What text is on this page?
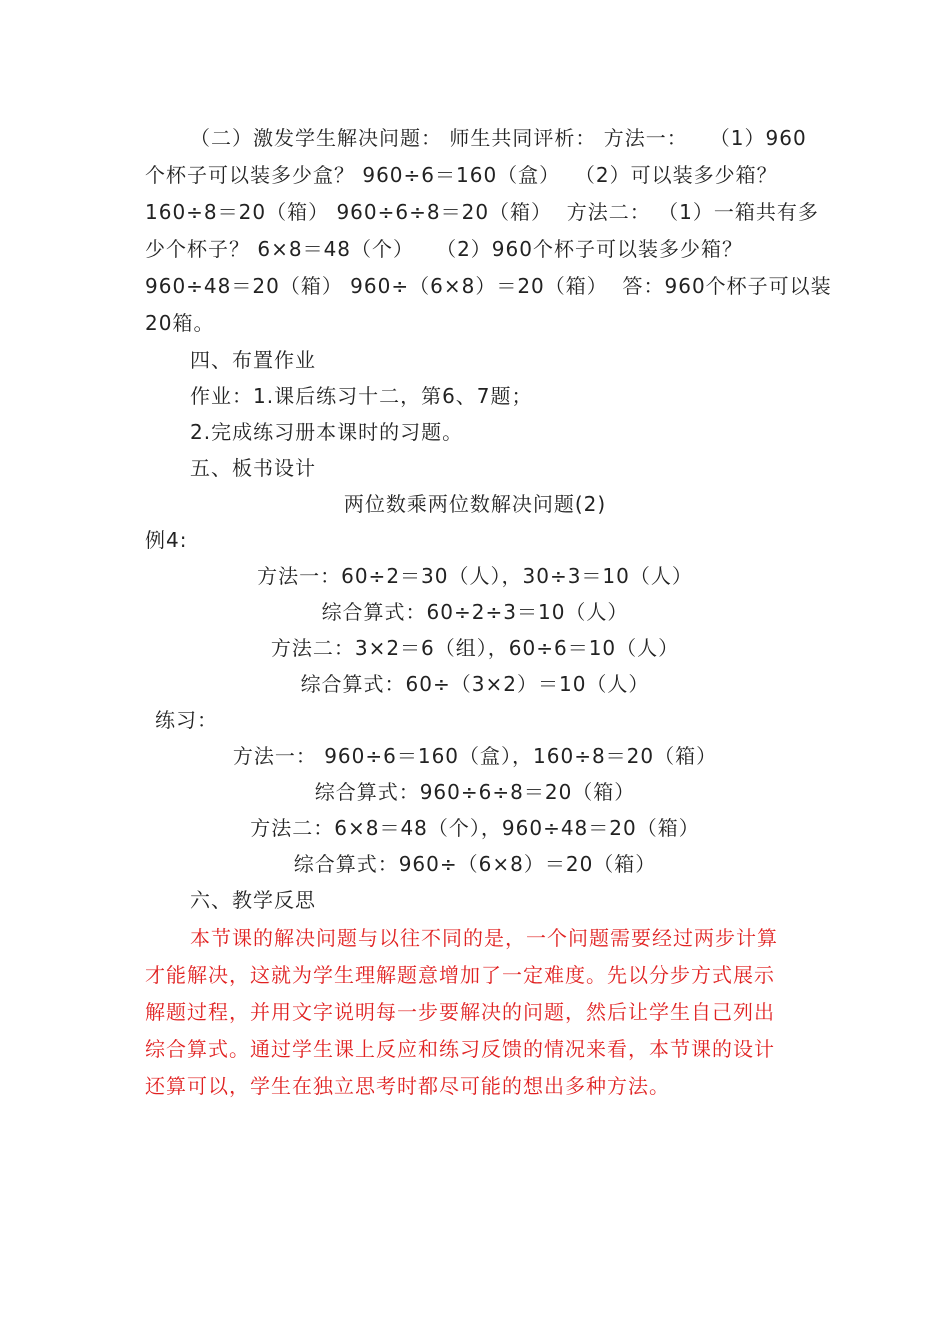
（二）激发学生解决问题： 师生共同评析： 方法一：   （1）960
个杯子可以装多少盒？ 960÷6＝160（盒）  （2）可以装多少箱？
160÷8＝20（箱） 960÷6÷8＝20（箱）  方法二： （1）一箱共有多
少个杯子？ 6×8＝48（个）   （2）960个杯子可以装多少箱？
960÷48＝20（箱） 960÷（6×8）＝20（箱）  答：960个杯子可以装
20箱。
四、布置作业
作业：1.课后练习十二，第6、7题；
2.完成练习册本课时的习题。
五、板书设计
两位数乘两位数解决问题(2)
例4:
方法一：60÷2＝30（人），30÷3＝10（人）
综合算式：60÷2÷3＝10（人）
方法二：3×2＝6（组），60÷6＝10（人）
综合算式：60÷（3×2）＝10（人）
练习：
方法一： 960÷6＝160（盒），160÷8＝20（箱）
综合算式：960÷6÷8＝20（箱）
方法二：6×8＝48（个），960÷48＝20（箱）
综合算式：960÷（6×8）＝20（箱）
六、教学反思
本节课的解决问题与以往不同的是，一个问题需要经过两步计算
才能解决，这就为学生理解题意增加了一定难度。先以分步方式展示
解题过程，并用文字说明每一步要解决的问题，然后让学生自己列出
综合算式。通过学生课上反应和练习反馈的情况来看，本节课的设计
还算可以，学生在独立思考时都尽可能的想出多种方法。
